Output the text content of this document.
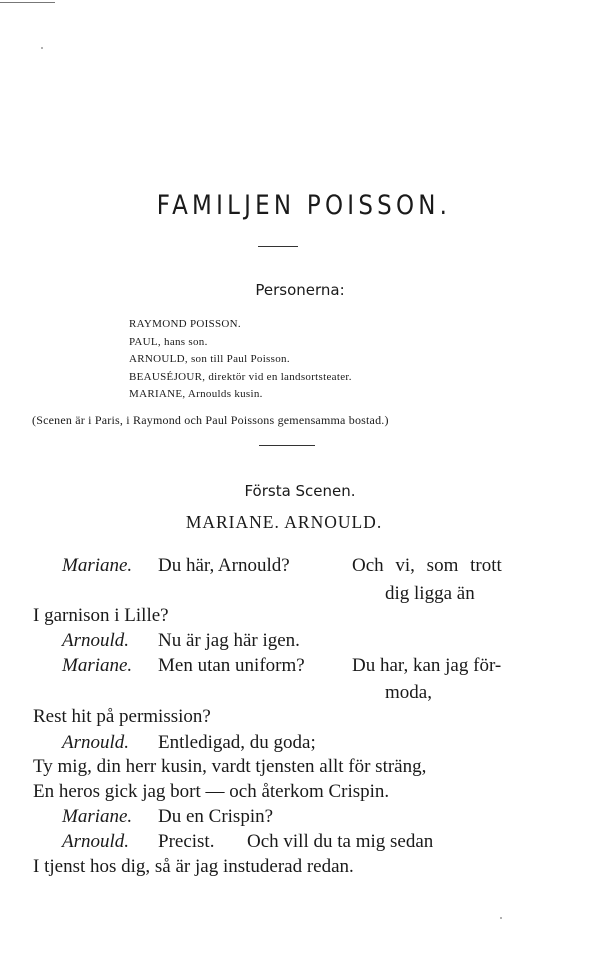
FAMILJEN POISSON.
Personerna:
RAYMOND POISSON.
PAUL, hans son.
ARNOULD, son till Paul Poisson.
BEAUSÉJOUR, direktör vid en landsortsteater.
MARIANE, Arnoulds kusin.
(Scenen är i Paris, i Raymond och Paul Poissons gemensamma bostad.)
Första Scenen.
MARIANE. ARNOULD.
Mariane. Du här, Arnould?	Och vi, som trott
dig ligga än
I garnison i Lille?
Arnould. Nu är jag här igen.
Mariane. Men utan uniform? Du har, kan jag för-
moda,
Rest hit på permission?
Arnould. Entledigad, du goda;
Ty mig, din herr kusin, vardt tjensten allt för sträng,
En heros gick jag bort — och återkom Crispin.
Mariane. Du en Crispin?
Arnould. Precist. Och vill du ta mig sedan
I tjenst hos dig, så är jag instuderad redan.
